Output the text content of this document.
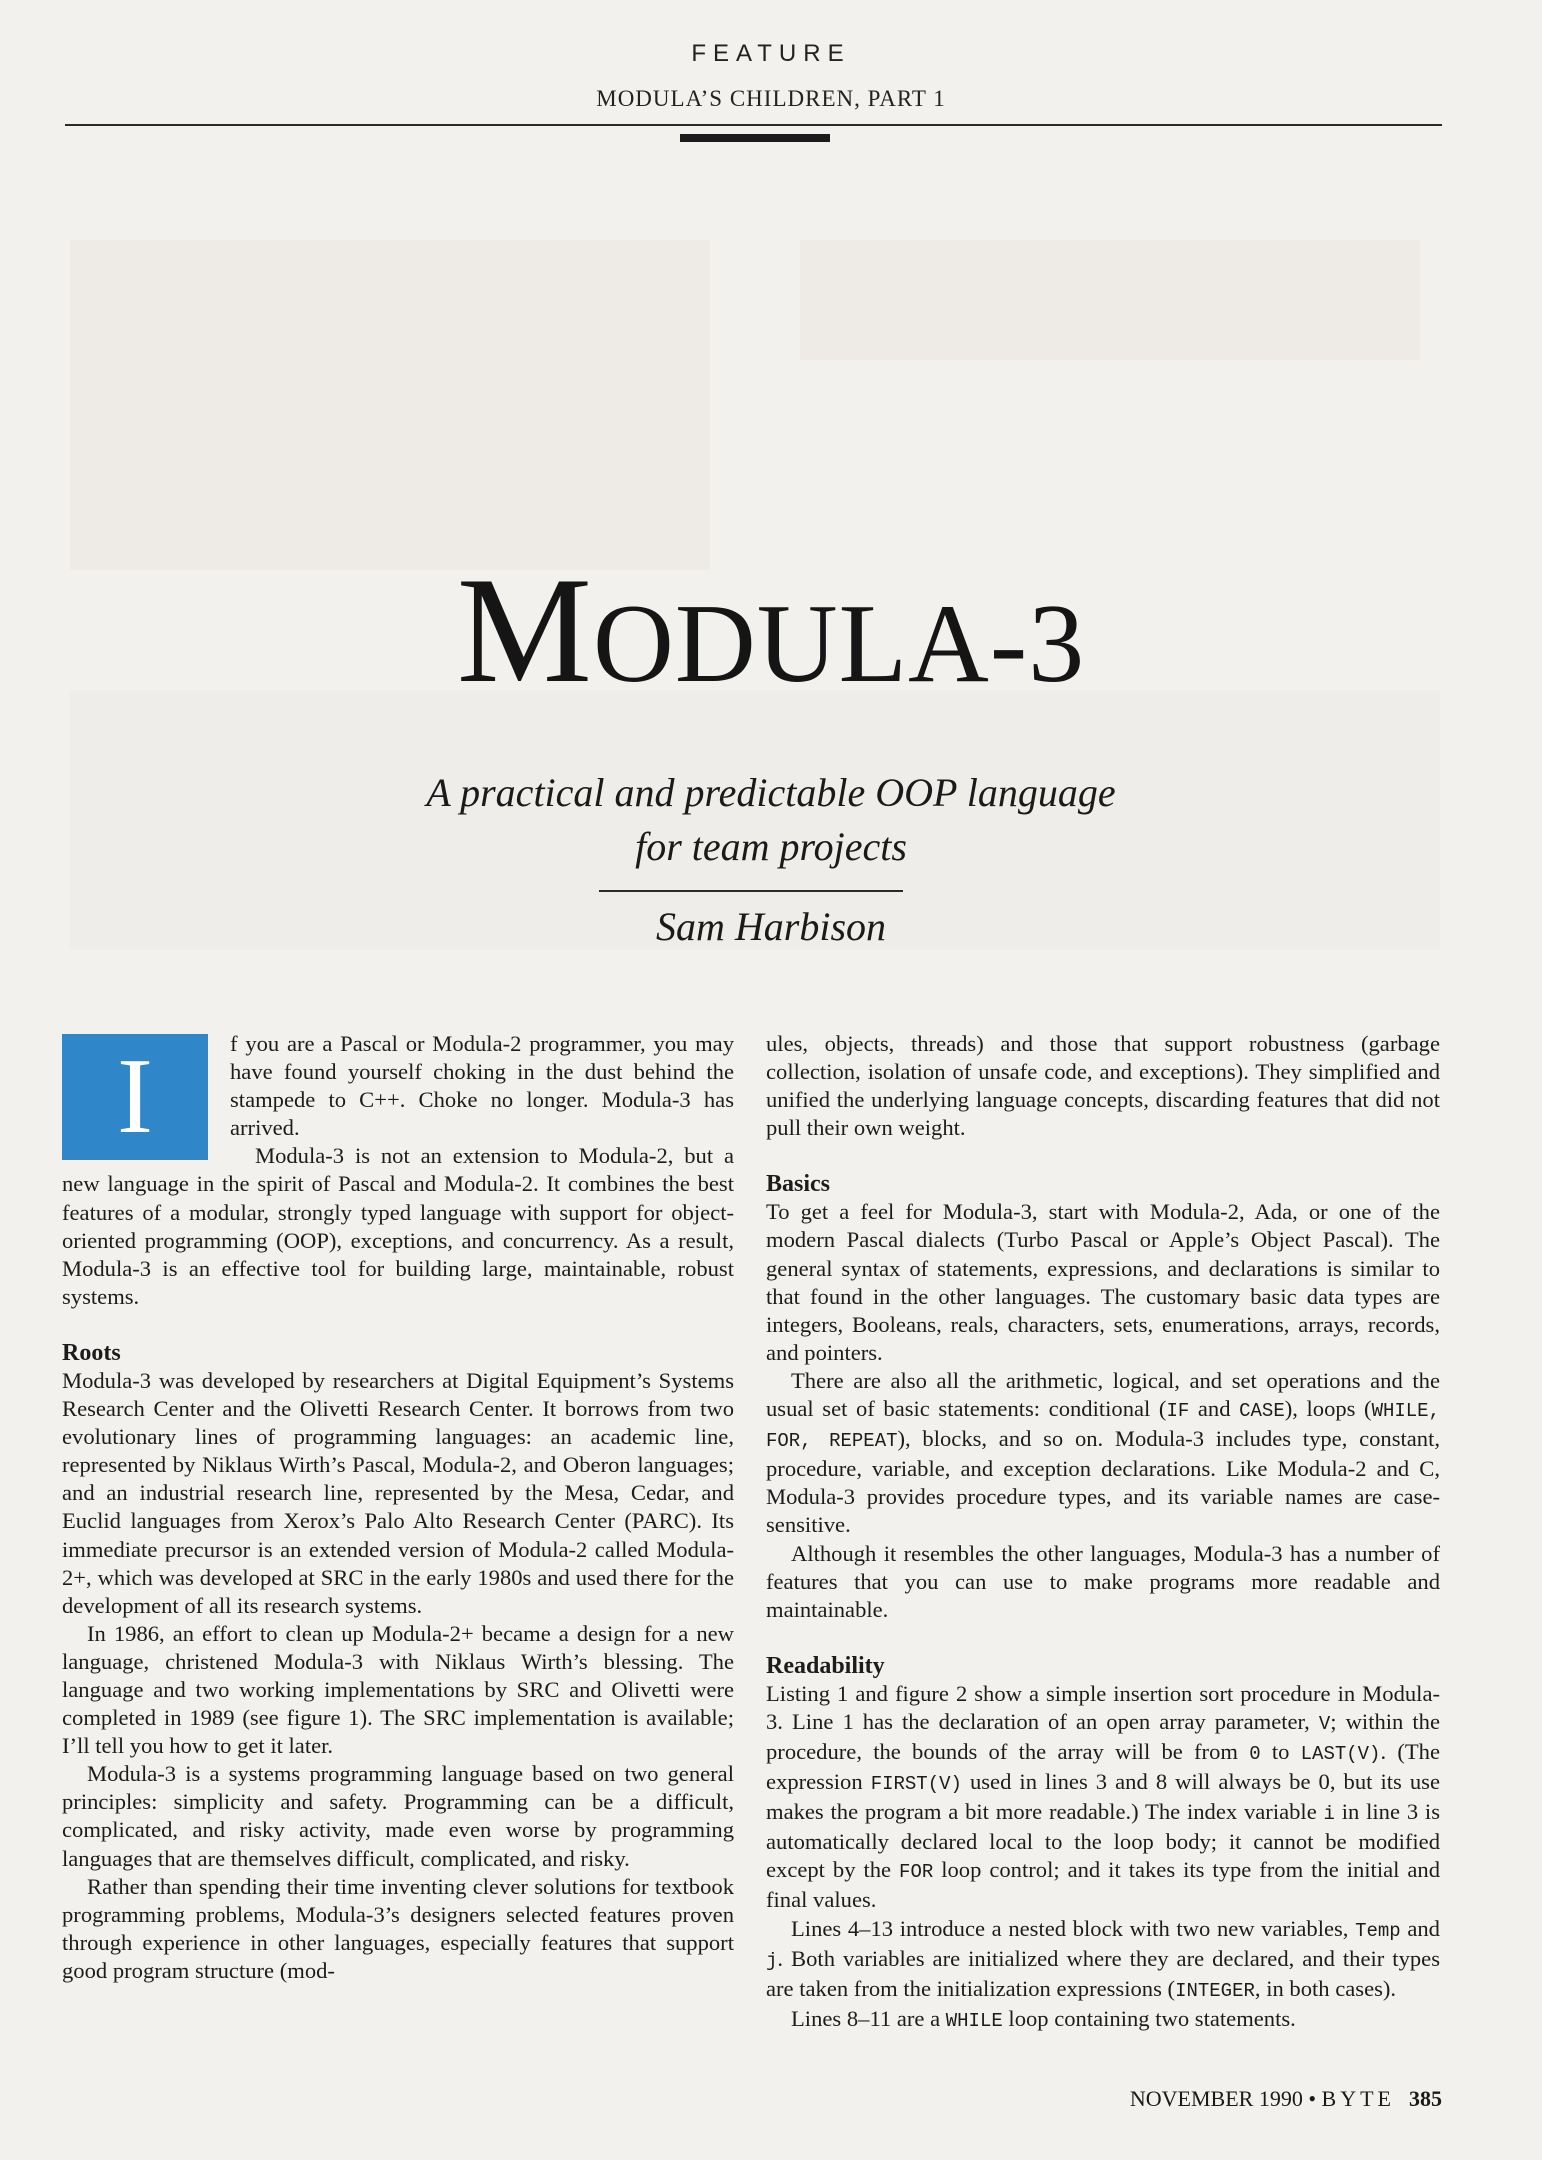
FEATURE
MODULA’S CHILDREN, PART 1
MODULA-3
A practical and predictable OOP language
for team projects
Sam Harbison
I	f you are a Pascal or Modula-2 programmer, you may have found yourself choking in the dust behind the stampede to C++. Choke no longer. Modula-3 has arrived.

Modula-3 is not an extension to Modula-2, but a new language in the spirit of Pascal and Modula-2. It combines the best features of a modular, strongly typed language with support for object-oriented programming (OOP), exceptions, and concurrency. As a result, Modula-3 is an effective tool for building large, maintainable, robust systems.

Roots

Modula-3 was developed by researchers at Digital Equipment’s Systems Research Center and the Olivetti Research Center. It borrows from two evolutionary lines of programming languages: an academic line, represented by Niklaus Wirth’s Pascal, Modula-2, and Oberon languages; and an industrial research line, represented by the Mesa, Cedar, and Euclid languages from Xerox’s Palo Alto Research Center (PARC). Its immediate precursor is an extended version of Modula-2 called Modula-2+, which was developed at SRC in the early 1980s and used there for the development of all its research systems.

In 1986, an effort to clean up Modula-2+ became a design for a new language, christened Modula-3 with Niklaus Wirth’s blessing. The language and two working implementations by SRC and Olivetti were completed in 1989 (see figure 1). The SRC implementation is available; I’ll tell you how to get it later.

Modula-3 is a systems programming language based on two general principles: simplicity and safety. Programming can be a difficult, complicated, and risky activity, made even worse by programming languages that are themselves difficult, complicated, and risky.

Rather than spending their time inventing clever solutions for textbook programming problems, Modula-3’s designers selected features proven through experience in other languages, especially features that support good program structure (mod-

ules, objects, threads) and those that support robustness (garbage collection, isolation of unsafe code, and exceptions). They simplified and unified the underlying language concepts, discarding features that did not pull their own weight.

Basics

To get a feel for Modula-3, start with Modula-2, Ada, or one of the modern Pascal dialects (Turbo Pascal or Apple’s Object Pascal). The general syntax of statements, expressions, and declarations is similar to that found in the other languages. The customary basic data types are integers, Booleans, reals, characters, sets, enumerations, arrays, records, and pointers.

There are also all the arithmetic, logical, and set operations and the usual set of basic statements: conditional (IF and CASE), loops (WHILE, FOR, REPEAT), blocks, and so on. Modula-3 includes type, constant, procedure, variable, and exception declarations. Like Modula-2 and C, Modula-3 provides procedure types, and its variable names are case-sensitive.

Although it resembles the other languages, Modula-3 has a number of features that you can use to make programs more readable and maintainable.

Readability

Listing 1 and figure 2 show a simple insertion sort procedure in Modula-3. Line 1 has the declaration of an open array parameter, V; within the procedure, the bounds of the array will be from 0 to LAST(V). (The expression FIRST(V) used in lines 3 and 8 will always be 0, but its use makes the program a bit more readable.) The index variable i in line 3 is automatically declared local to the loop body; it cannot be modified except by the FOR loop control; and it takes its type from the initial and final values.

Lines 4–13 introduce a nested block with two new variables, Temp and j. Both variables are initialized where they are declared, and their types are taken from the initialization expressions (INTEGER, in both cases).

Lines 8–11 are a WHILE loop containing two statements.

NOVEMBER 1990 • BYTE 385
